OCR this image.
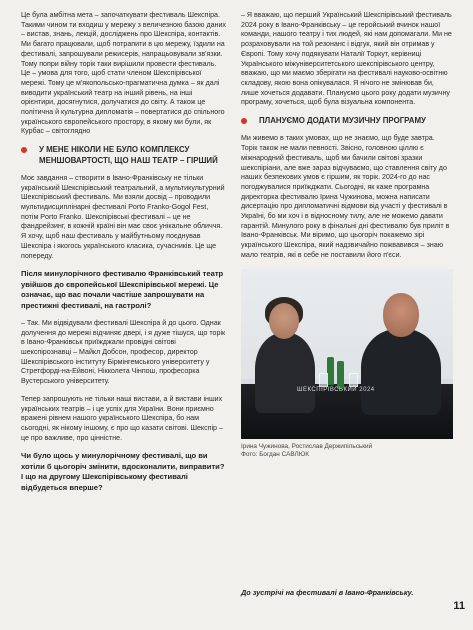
Це була амбітна мета – започаткувати фестиваль Шекспіра. Такими чином ти входиш у мережу з величезною базою даних – вистав, знань, лекцій, досліджень про Шекспіра, контактів. Ми багато працювали, щоб потрапити в цю мережу, їздили на фестивалі, запрошували режисерів, напрацьовували зв'язки. Тому попри війну торік таки вирішили провести фестиваль. Це – умова для того, щоб стати членом Шекспірівської мережі. Тому це м'якопольсько-прагматична думка – як далі виводити український театр на інший рівень, на інші орієнтири, досягнутися, долучатися до світу. А також це політична й культурна дипломатія – повертатися до спільного українського європейського простору, в якому ми були, як Курбас – світоглядно

У МЕНЕ НІКОЛИ НЕ БУЛО КОМПЛЕКСУ МЕНШОВАРТОСТІ, ЩО НАШ ТЕАТР – ГІРШИЙ

Моє завдання – створити в Івано-Франківську не тільки український Шекспірівський театральний, а мультикультурний Шекспірівський фестиваль. Ми взяли досвід – проводили мультидисциплінарні фестивалі Porto Franko-Gogol Fest, потім Porto Franko. Шекспірівські фестивалі – це не фандрейзинг, в кожній країні він має своє унікальне обличчя. Я хочу, щоб наш фестиваль у майбутньому поєднував Шекспіра і якогось українського класика, сучасників. Це ще попереду.

Після минулорічного фестивалю Франківський театр увійшов до європейської Шекспірівської мережі. Це означає, що вас почали частіше запрошувати на престижні фестивалі, на гастролі?

– Так. Ми відвідували фестивалі Шекспіра й до цього. Однак долучення до мережі відчиняє двері, і я дуже тішуся, що торік в Івано-Франківськ приїжджали провідні світові шекспірознавці – Майкл Добсон, професор, директор Шекспірівського інституту Бірмінгемського університету у Стретфорді-на-Ейвоні, Нікколета Чінпош, професорка Вустерського університету.

Тепер запрошують не тільки наші вистави, а й вистави інших українських театрів – і це успіх для України. Вони приємно вражені рівнем нашого українського Шекспіра, бо нам сьогодні, як нікому іншому, є про що казати світові. Шекспір – це про важливе, про цінністне.

Чи було щось у минулорічному фестивалі, що ви хотіли б цьогоріч змінити, вдосконалити, виправити? І що на другому Шекспірівському фестивалі відбудеться вперше?

– Я вважаю, що перший Український Шекспірівський фестиваль 2024 року в Івано-Франківську – це геройський вчинок нашої команди, нашого театру і тих людей, які нам допомагали. Ми не розраховували на той резонанс і відгук, який він отримав у Європі. Тому хочу подякувати Наталії Торкут, керівниці Українського міжуніверситетського шекспірівського центру, вважаю, що ми маємо зберігати на фестивалі науково-освітню складову, якою вона опікувалася. Я нічого не змінював би, лише хочеться додавати. Плануємо цього року додати музичну програму, хочеться, щоб була візуальна компонента.

ПЛАНУЄМО ДОДАТИ МУЗИЧНУ ПРОГРАМУ

Ми живемо в таких умовах, що не знаємо, що буде завтра. Торік також не мали певності. Звісно, головною ціллю є міжнародний фестиваль, щоб ми бачили світові зразки шекспіріани, але вже зараз відчуваємо, що ставлення світу до наших безпекових умов є гіршим, як торік. 2024-го до нас погоджувалися приїжджати. Сьогодні, як каже програмна директорка фестивалю Ірина Чужинова, можна написати дисертацію про дипломатичні відмови від участі у фестивалі в Україні, бо ми хоч і в відносному тилу, але не можемо давати гарантій. Минулого року в фінальні дні фестивалю був приліт в Івано-Франківськ. Ми віримо, що цьогоріч покажемо зірі українського Шекспіра, який надзвичайно пожвавився – знаю мало театрів, які в себе не поставили його п'єси.

ШЕКСПІРІВСЬКИЙ 2024
Ірина Чужинова, Ростислав Держипільський
Фото: Богдан САВЛЮК
До зустрічі на фестивалі в Івано-Франківську.
11
